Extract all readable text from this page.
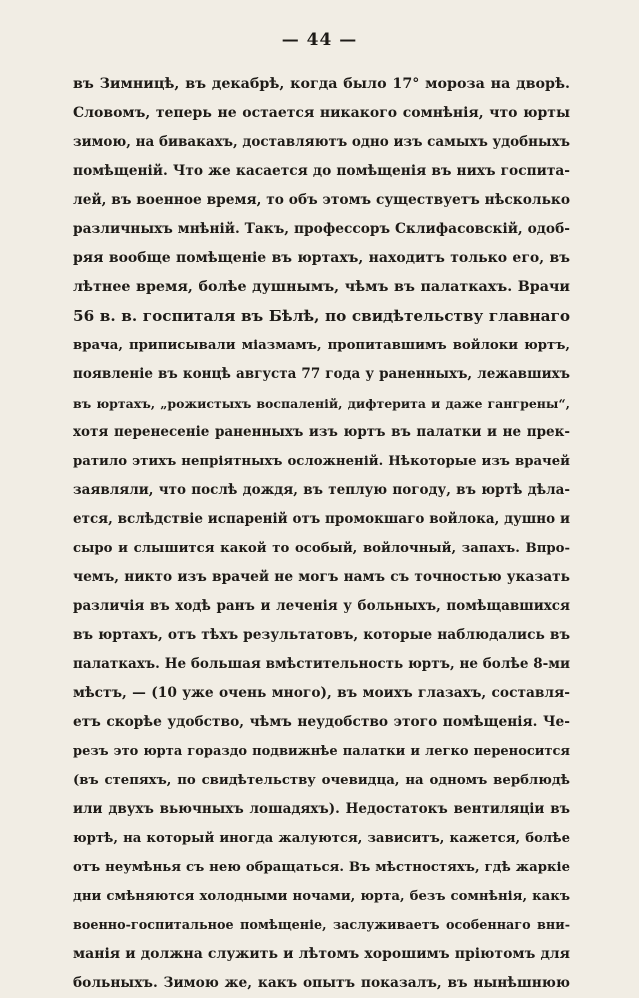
— 44 —
въ Зимницѣ, въ декабрѣ, когда было 17° мороза на дворѣ.
Словомъ, теперь не остается никакого сомнѣнія, что юрты
зимою, на бивакахъ, доставляютъ одно изъ самыхъ удобныхъ
помѣщеній. Что же касается до помѣщенія въ нихъ госпита-
лей, въ военное время, то объ этомъ существуетъ нѣсколько
различныхъ мнѣній. Такъ, профессоръ Склифасовскій, одоб-
ряя вообще помѣщеніе въ юртахъ, находитъ только его, въ
лѣтнее время, болѣе душнымъ, чѣмъ въ палаткахъ. Врачи
56 в. в. госпиталя въ Бѣлѣ, по свидѣтельству главнаго
врача, приписывали міазмамъ, пропитавшимъ войлоки юртъ,
появленіе въ концѣ августа 77 года у раненныхъ, лежавшихъ
въ юртахъ, „рожистыхъ воспаленій, дифтерита и даже гангрены“,
хотя перенесеніе раненныхъ изъ юртъ въ палатки и не прек-
ратило этихъ непріятныхъ осложненій. Нѣкоторые изъ врачей
заявляли, что послѣ дождя, въ теплую погоду, въ юртѣ дѣла-
ется, вслѣдствіе испареній отъ промокшаго войлока, душно и
сыро и слышится какой то особый, войлочный, запахъ. Впро-
чемъ, никто изъ врачей не могъ намъ съ точностью указать
различія въ ходѣ ранъ и леченія у больныхъ, помѣщавшихся
въ юртахъ, отъ тѣхъ результатовъ, которые наблюдались въ
палаткахъ. Не большая вмѣстительность юртъ, не болѣе 8-ми
мѣстъ, — (10 уже очень много), въ моихъ глазахъ, составля-
етъ скорѣе удобство, чѣмъ неудобство этого помѣщенія. Че-
резъ это юрта гораздо подвижнѣе палатки и легко переносится
(въ степяхъ, по свидѣтельству очевидца, на одномъ верблюдѣ
или двухъ вьючныхъ лошадяхъ). Недостатокъ вентиляціи въ
юртѣ, на который иногда жалуются, зависитъ, кажется, болѣе
отъ неумѣнья съ нею обращаться. Въ мѣстностяхъ, гдѣ жаркіе
дни смѣняются холодными ночами, юрта, безъ сомнѣнія, какъ
военно-госпитальное помѣщеніе, заслуживаетъ особеннаго вни-
манія и должна служить и лѣтомъ хорошимъ пріютомъ для
больныхъ. Зимою же, какъ опытъ показалъ, въ нынѣшнюю
